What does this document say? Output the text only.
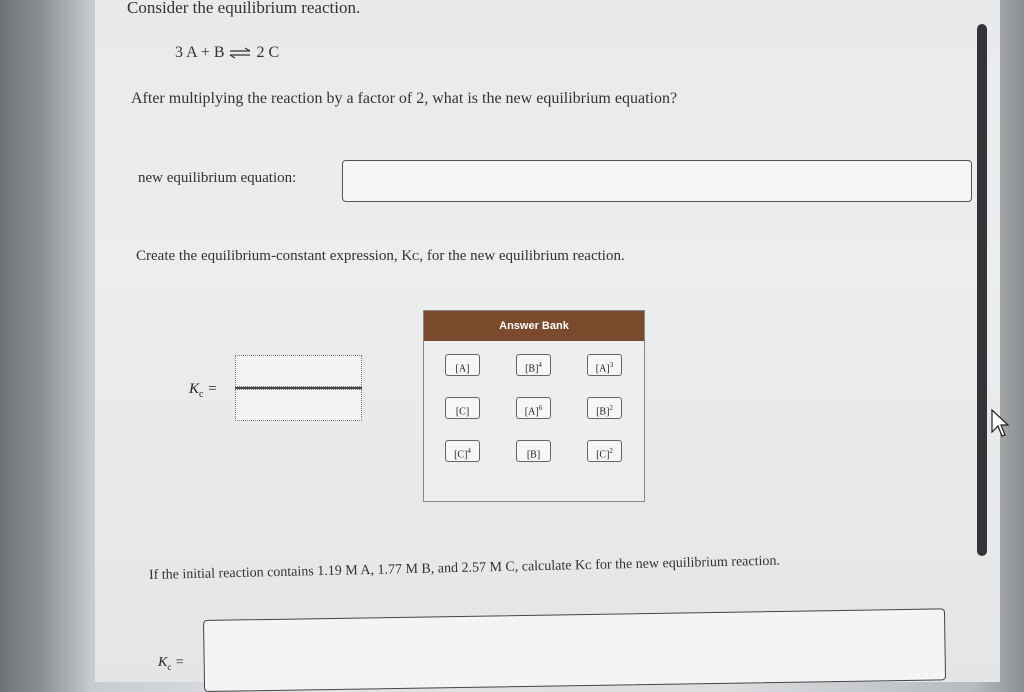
Consider the equilibrium reaction.
3 A + B ⇌ 2 C
After multiplying the reaction by a factor of 2, what is the new equilibrium equation?
new equilibrium equation:
Create the equilibrium-constant expression, Kᴄ, for the new equilibrium reaction.
$K_c$ =
Answer Bank
[A]	$[B]^4$	$[A]^3$
[C]	$[A]^6$	$[B]^2$
$[C]^4$	[B]	$[C]^2$
If the initial reaction contains 1.19 M A, 1.77 M B, and 2.57 M C, calculate Kᴄ for the new equilibrium reaction.
$K_c$ =
